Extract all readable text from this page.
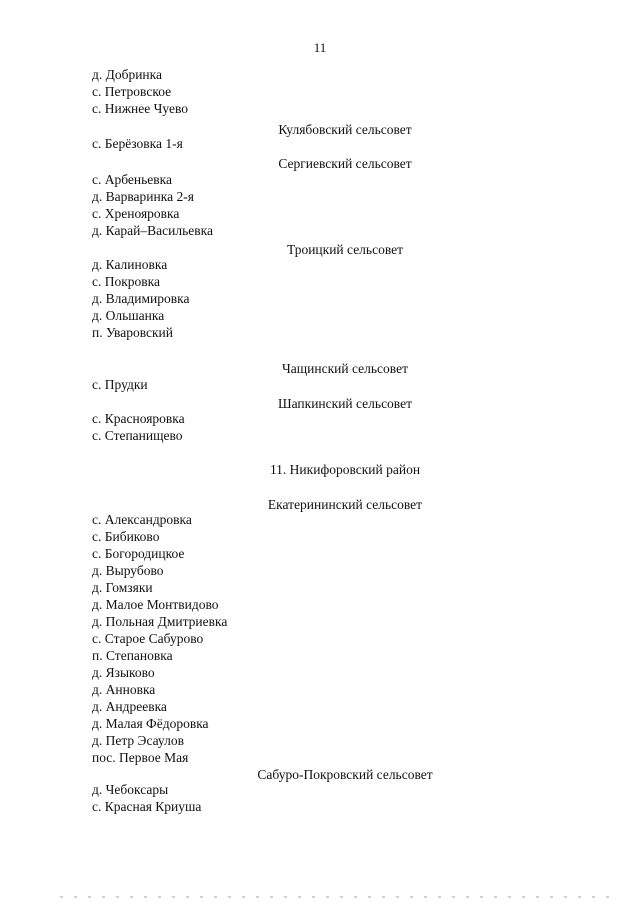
11
д. Добринка
с. Петровское
с. Нижнее Чуево
Кулябовский сельсовет
с. Берёзовка 1-я
Сергиевский сельсовет
с. Арбеньевка
д. Варваринка 2-я
с. Хренояровка
д. Карай–Васильевка
Троицкий сельсовет
д. Калиновка
с. Покровка
д. Владимировка
д. Ольшанка
п. Уваровский
Чащинский сельсовет
с. Прудки
Шапкинский сельсовет
с. Краснояровка
с. Степанищево
11. Никифоровский район
Екатерининский сельсовет
с. Александровка
с. Бибиково
с. Богородицкое
д. Вырубово
д. Гомзяки
д. Малое Монтвидово
д. Польная Дмитриевка
с. Старое Сабурово
п. Степановка
д. Языково
д. Анновка
д. Андреевка
д. Малая Фёдоровка
д. Петр Эсаулов
пос. Первое Мая
Сабуро-Покровский сельсовет
д. Чебоксары
с. Красная Криуша
